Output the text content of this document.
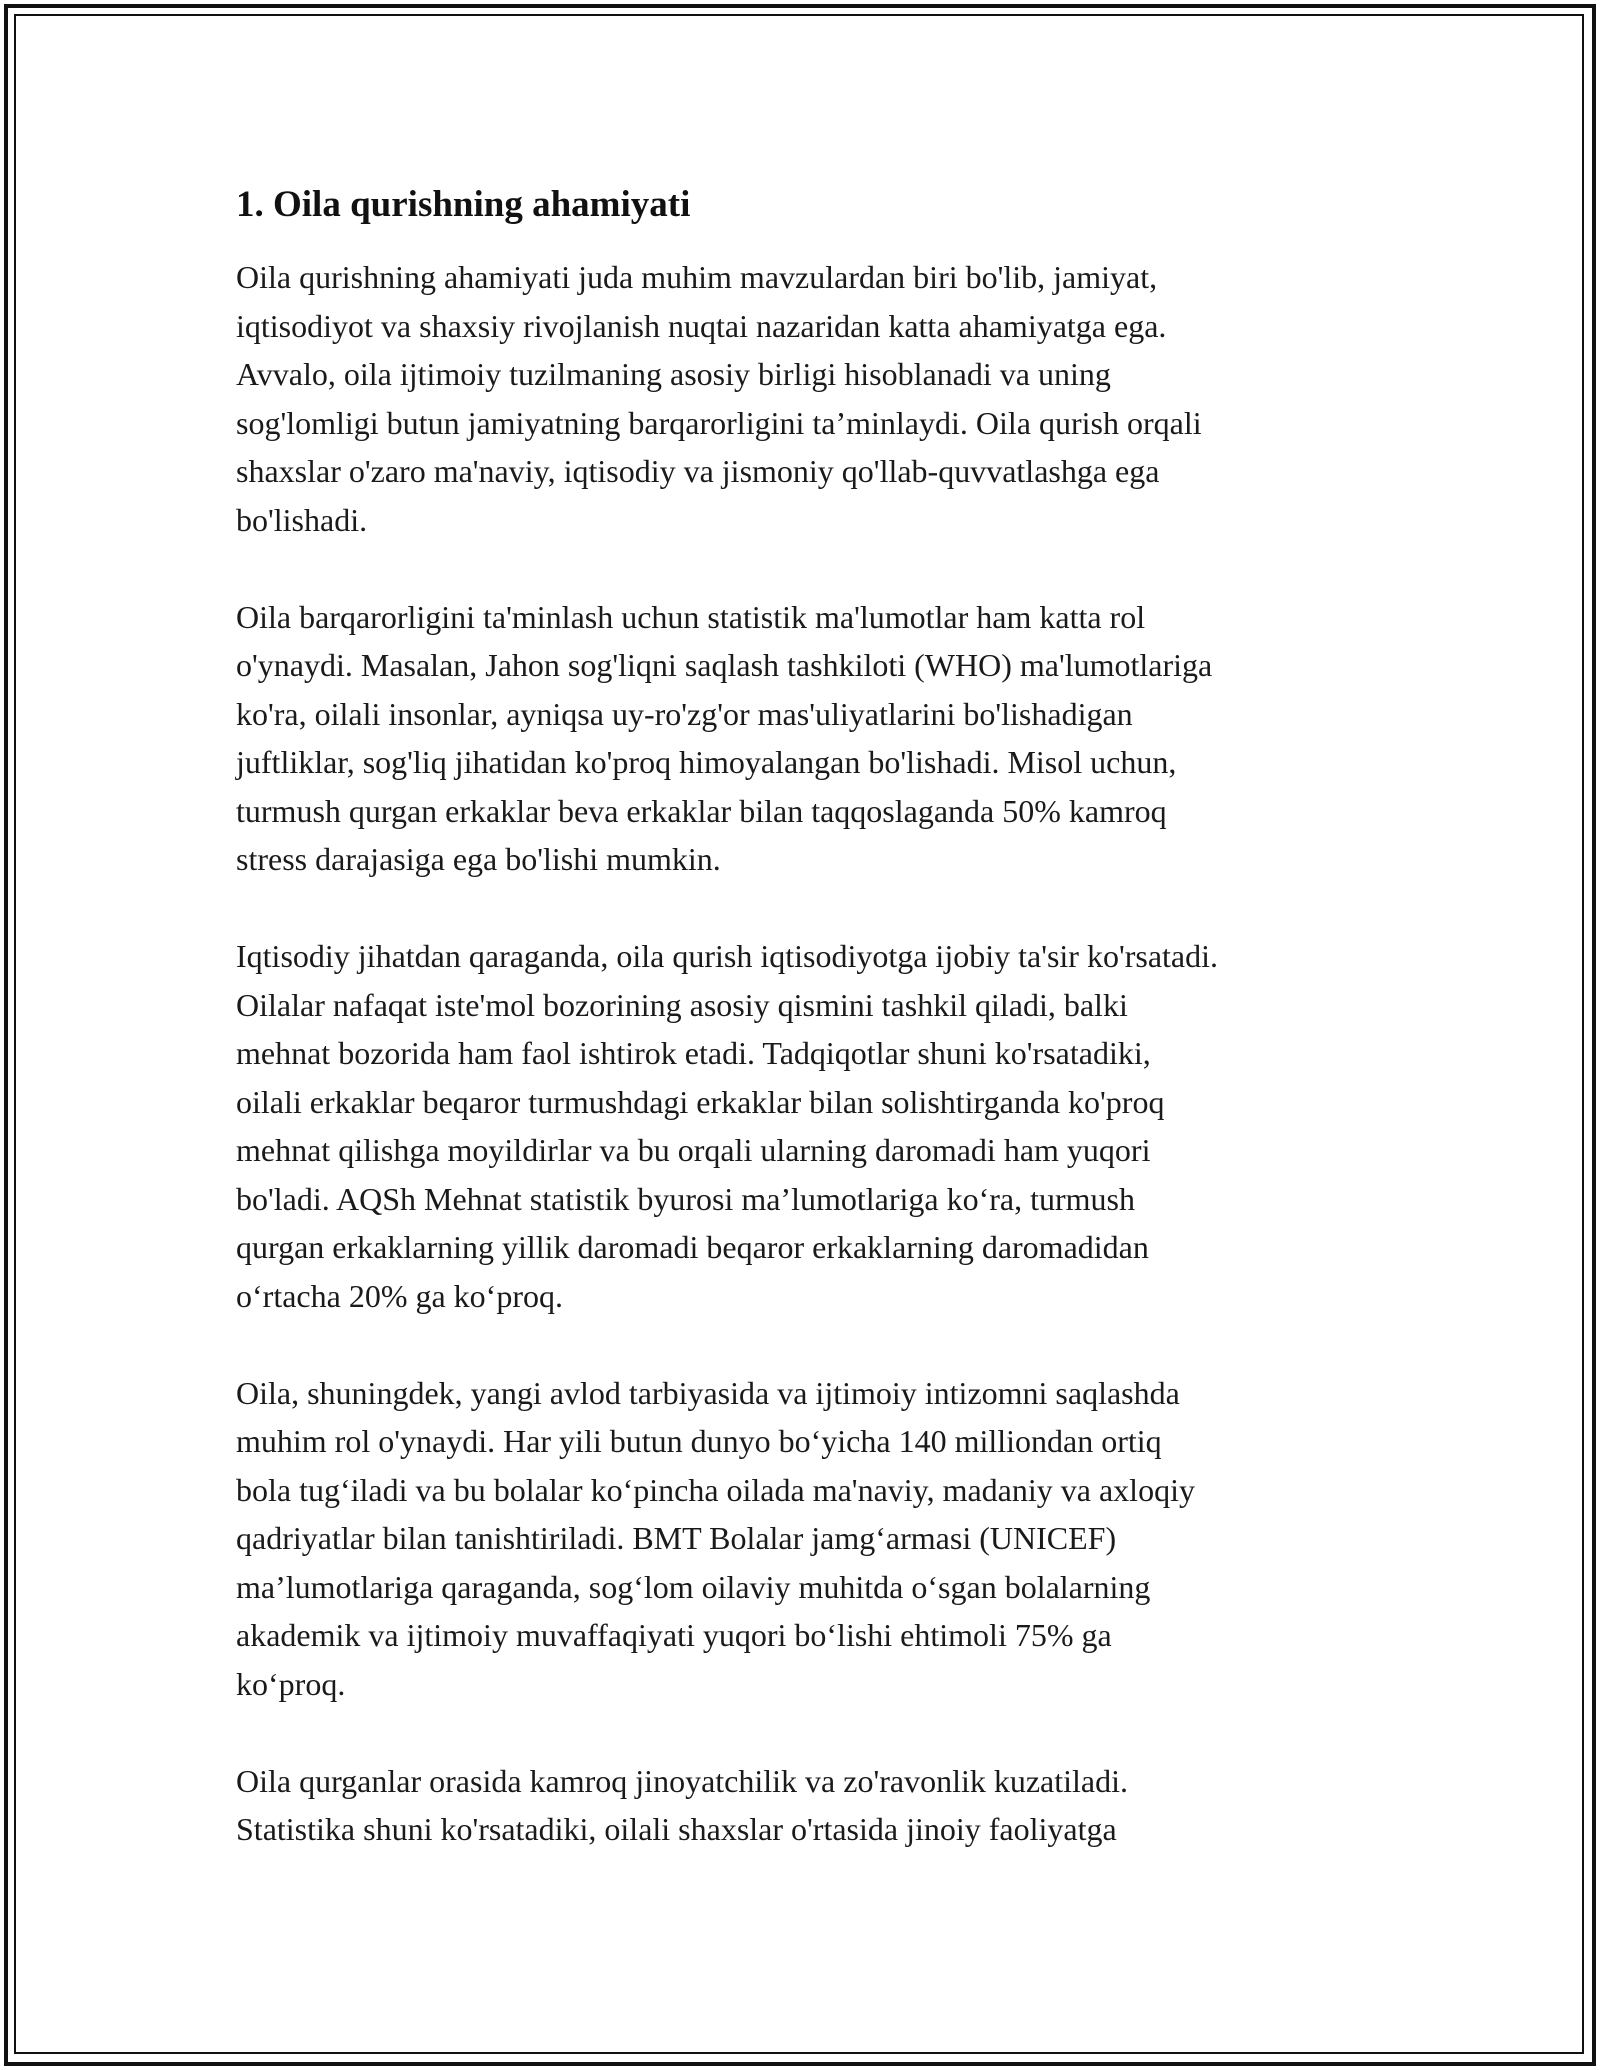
1. Oila qurishning ahamiyati

Oila qurishning ahamiyati juda muhim mavzulardan biri bo'lib, jamiyat,
iqtisodiyot va shaxsiy rivojlanish nuqtai nazaridan katta ahamiyatga ega.
Avvalo, oila ijtimoiy tuzilmaning asosiy birligi hisoblanadi va uning
sog'lomligi butun jamiyatning barqarorligini ta’minlaydi. Oila qurish orqali
shaxslar o'zaro ma'naviy, iqtisodiy va jismoniy qo'llab-quvvatlashga ega
bo'lishadi.

Oila barqarorligini ta'minlash uchun statistik ma'lumotlar ham katta rol
o'ynaydi. Masalan, Jahon sog'liqni saqlash tashkiloti (WHO) ma'lumotlariga
ko'ra, oilali insonlar, ayniqsa uy-ro'zg'or mas'uliyatlarini bo'lishadigan
juftliklar, sog'liq jihatidan ko'proq himoyalangan bo'lishadi. Misol uchun,
turmush qurgan erkaklar beva erkaklar bilan taqqoslaganda 50% kamroq
stress darajasiga ega bo'lishi mumkin.

Iqtisodiy jihatdan qaraganda, oila qurish iqtisodiyotga ijobiy ta'sir ko'rsatadi.
Oilalar nafaqat iste'mol bozorining asosiy qismini tashkil qiladi, balki
mehnat bozorida ham faol ishtirok etadi. Tadqiqotlar shuni ko'rsatadiki,
oilali erkaklar beqaror turmushdagi erkaklar bilan solishtirganda ko'proq
mehnat qilishga moyildirlar va bu orqali ularning daromadi ham yuqori
bo'ladi. AQSh Mehnat statistik byurosi ma’lumotlariga ko‘ra, turmush
qurgan erkaklarning yillik daromadi beqaror erkaklarning daromadidan
o‘rtacha 20% ga ko‘proq.

Oila, shuningdek, yangi avlod tarbiyasida va ijtimoiy intizomni saqlashda
muhim rol o'ynaydi. Har yili butun dunyo bo‘yicha 140 milliondan ortiq
bola tug‘iladi va bu bolalar ko‘pincha oilada ma'naviy, madaniy va axloqiy
qadriyatlar bilan tanishtiriladi. BMT Bolalar jamg‘armasi (UNICEF)
ma’lumotlariga qaraganda, sog‘lom oilaviy muhitda o‘sgan bolalarning
akademik va ijtimoiy muvaffaqiyati yuqori bo‘lishi ehtimoli 75% ga
ko‘proq.

Oila qurganlar orasida kamroq jinoyatchilik va zo'ravonlik kuzatiladi.
Statistika shuni ko'rsatadiki, oilali shaxslar o'rtasida jinoiy faoliyatga
